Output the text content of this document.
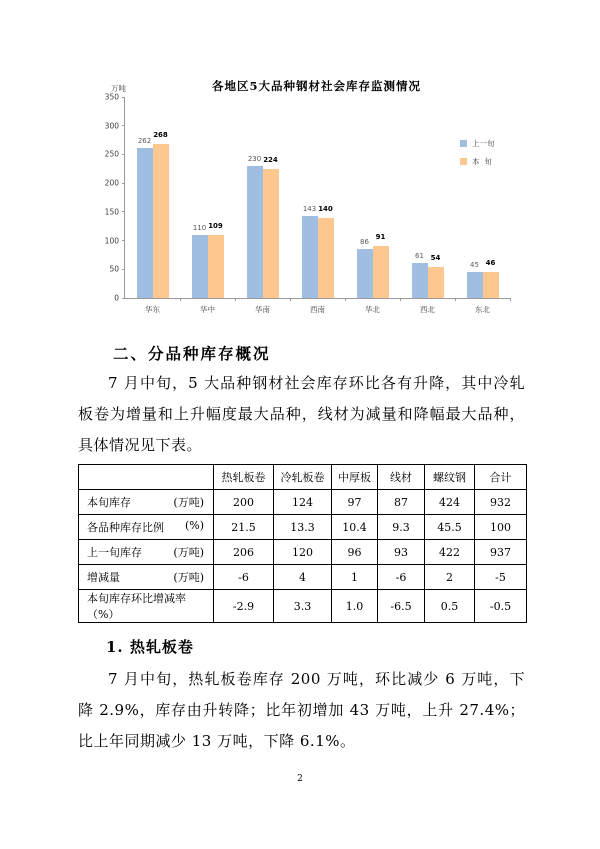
各地区5大品种钢材社会库存监测情况
万吨
0
50
100
150
200
250
300
350
华东
262
268
华中
110 109
华南
230 224
西南
143 140
华北
86
91
西北
61 54
东北
45 46
上一旬
本  旬
二、分品种库存概况
7 月中旬，5 大品种钢材社会库存环比各有升降，其中冷轧板卷为增量和上升幅度最大品种，线材为减量和降幅最大品种，具体情况见下表。
	热轧板卷	冷轧板卷	中厚板	线材	螺纹钢	合计

本旬库存 (万吨)	200	124	97	87	424	932

各品种库存比例 (%)	21.5	13.3	10.4	9.3	45.5	100

上一旬库存 (万吨)	206	120	96	93	422	937

增减量 (万吨)	-6	4	1	-6	2	-5

本旬库存环比增减率（%）	-2.9	3.3	1.0	-6.5	0.5	-0.5
1. 热轧板卷
7 月中旬，热轧板卷库存 200 万吨，环比减少 6 万吨，下降 2.9%，库存由升转降；比年初增加 43 万吨，上升 27.4%；比上年同期减少 13 万吨，下降 6.1%。
2
